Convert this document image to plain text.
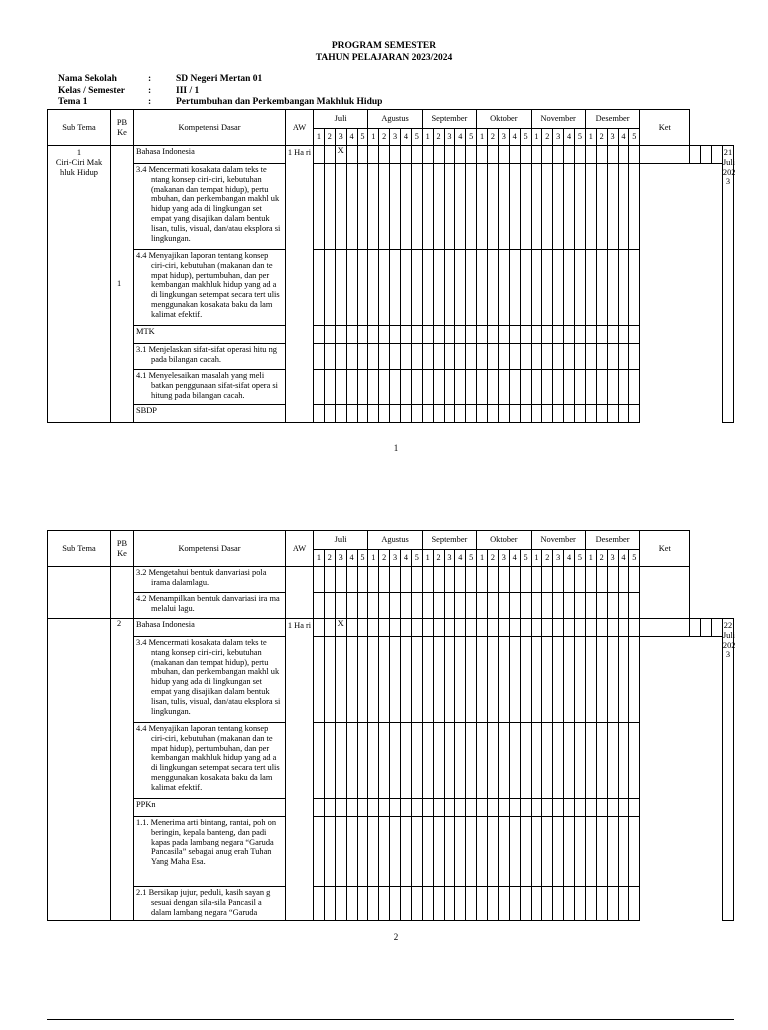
PROGRAM SEMESTER
TAHUN PELAJARAN 2023/2024
Nama Sekolah	:	SD Negeri Mertan 01
Kelas / Semester	:	III / 1
Tema 1	:	Pertumbuhan dan Perkembangan Makhluk Hidup
Sub Tema	PB Ke	Kompetensi Dasar	AW	Juli					Agustus					September					Oktober					November					Desember					Ket				
				1	2	3	4	5	1	2	3	4	5	1	2	3	4	5	1	2	3	4	5	1	2	3	4	5	1	2	3	4	5					

1
Ciri-Ciri Mak hluk Hidup	1	Bahasa Indonesia	1 Ha ri			X																																21 Juli 202 3
		3.4 Mencermati kosakata dalam teks te ntang konsep ciri-ciri, kebutuhan (makanan dan tempat hidup), pertu mbuhan, dan perkembangan makhl uk hidup yang ada di lingkungan set empat yang disajikan dalam bentuk lisan, tulis, visual, dan/atau eksplora si lingkungan.																																				
		4.4 Menyajikan laporan tentang konsep ciri-ciri, kebutuhan (makanan dan te mpat hidup), pertumbuhan, dan per kembangan makhluk hidup yang ad a di lingkungan setempat secara tert ulis menggunakan kosakata baku da lam kalimat efektif.																																				
		MTK																																				
		3.1 Menjelaskan sifat-sifat operasi hitu ng pada bilangan cacah.																																				
		4.1 Menyelesaikan masalah yang meli batkan penggunaan sifat-sifat opera si hitung pada bilangan cacah.																																				
		SBDP																																				
1
Sub Tema	PB Ke	Kompetensi Dasar	AW	Juli					Agustus					September					Oktober					November					Desember					Ket				
				1	2	3	4	5	1	2	3	4	5	1	2	3	4	5	1	2	3	4	5	1	2	3	4	5	1	2	3	4	5					
		3.2 Mengetahui bentuk danvariasi pola irama dalamlagu.																																				
		4.2 Menampilkan bentuk danvariasi ira ma melalui lagu.																																				
	2	Bahasa Indonesia	1 Ha ri			X																																22 Juli 202 3
		3.4 Mencermati kosakata dalam teks te ntang konsep ciri-ciri, kebutuhan (makanan dan tempat hidup), pertu mbuhan, dan perkembangan makhl uk hidup yang ada di lingkungan set empat yang disajikan dalam bentuk lisan, tulis, visual, dan/atau eksplora si lingkungan.																																				
		4.4 Menyajikan laporan tentang konsep ciri-ciri, kebutuhan (makanan dan te mpat hidup), pertumbuhan, dan per kembangan makhluk hidup yang ad a di lingkungan setempat secara tert ulis menggunakan kosakata baku da lam kalimat efektif.																																				
		PPKn																																				
		1.1. Menerima arti bintang, rantai, poh on beringin, kepala banteng, dan padi kapas pada lambang negara “Garuda Pancasila” sebagai anug erah Tuhan Yang Maha Esa.																																				
		2.1 Bersikap jujur, peduli, kasih sayan g sesuai dengan sila-sila Pancasil a dalam lambang negara “Garuda																																				
2
